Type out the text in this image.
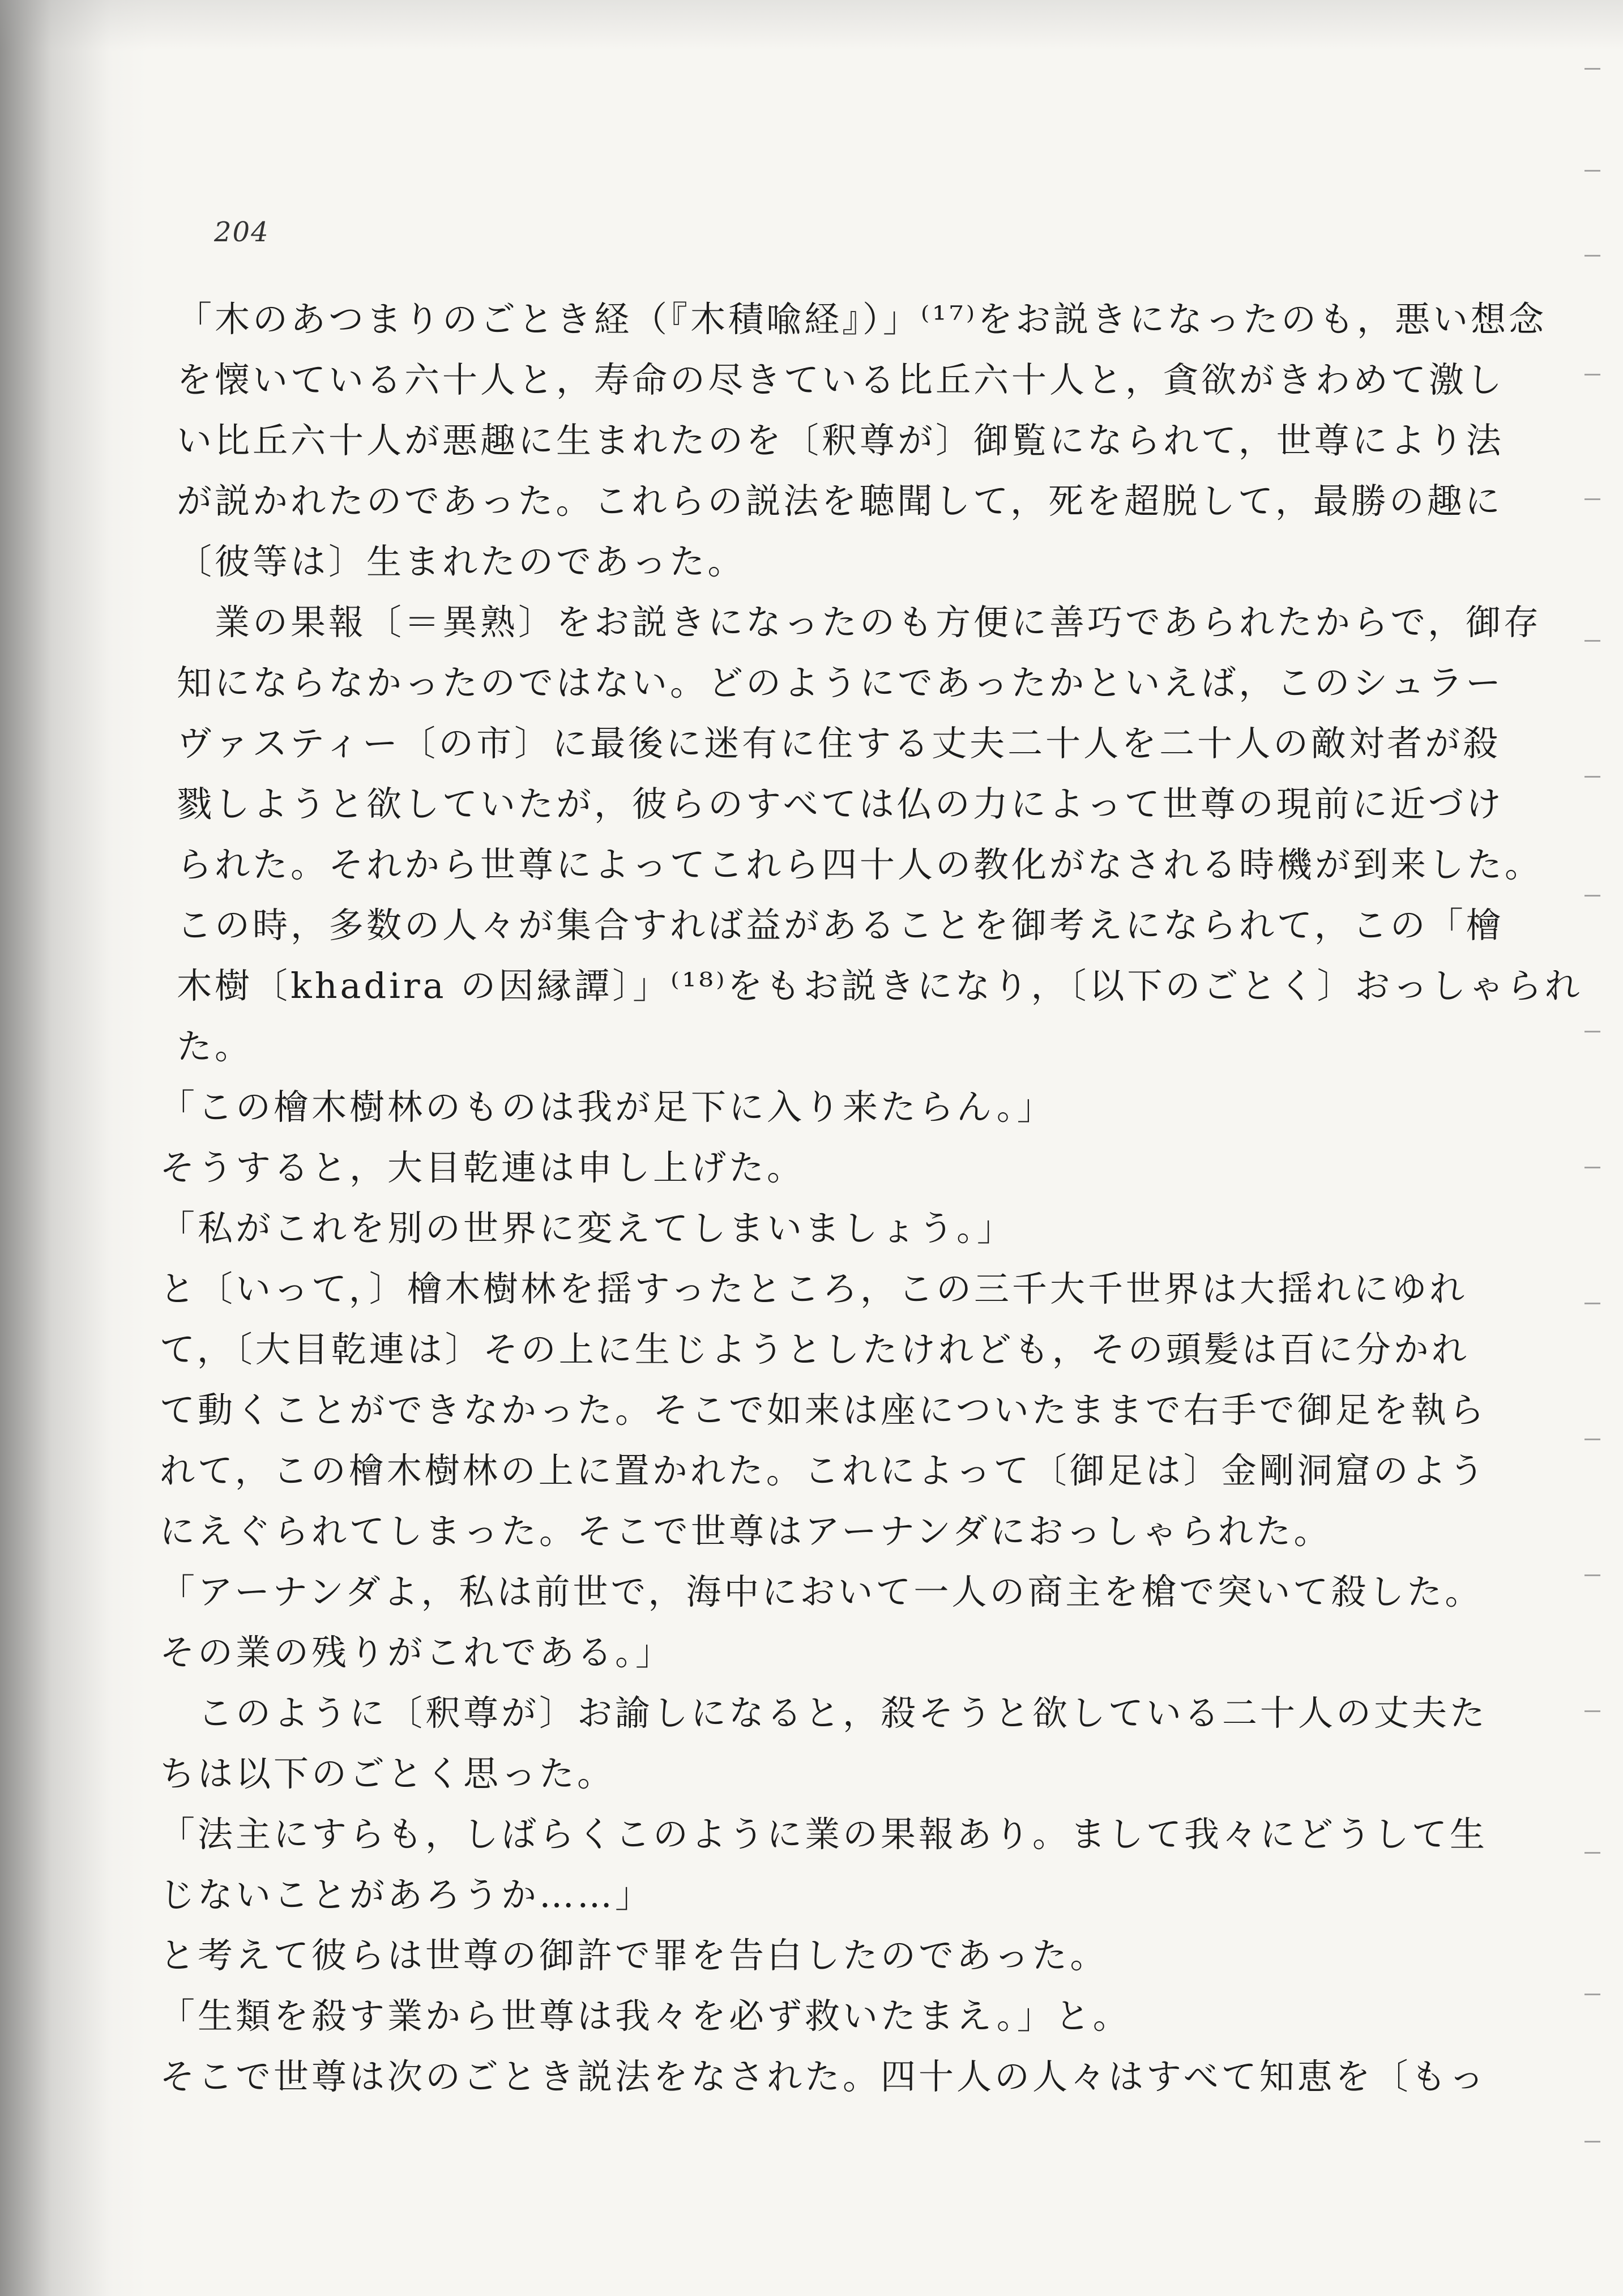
204
「木のあつまりのごとき経（『木積喩経』）」⁽¹⁷⁾をお説きになったのも，悪い想念
を懐いている六十人と，寿命の尽きている比丘六十人と，貪欲がきわめて激し
い比丘六十人が悪趣に生まれたのを〔釈尊が〕御覧になられて，世尊により法
が説かれたのであった。これらの説法を聴聞して，死を超脱して，最勝の趣に
〔彼等は〕生まれたのであった。
　業の果報〔＝異熟〕をお説きになったのも方便に善巧であられたからで，御存
知にならなかったのではない。どのようにであったかといえば，このシュラー
ヴァスティー〔の市〕に最後に迷有に住する丈夫二十人を二十人の敵対者が殺
戮しようと欲していたが，彼らのすべては仏の力によって世尊の現前に近づけ
られた。それから世尊によってこれら四十人の教化がなされる時機が到来した。
この時，多数の人々が集合すれば益があることを御考えになられて，この「檜
木樹〔khadira の因縁譚〕」⁽¹⁸⁾をもお説きになり，〔以下のごとく〕おっしゃられ
た。
「この檜木樹林のものは我が足下に入り来たらん。」
そうすると，大目乾連は申し上げた。
「私がこれを別の世界に変えてしまいましょう。」
と〔いって，〕檜木樹林を揺すったところ，この三千大千世界は大揺れにゆれ
て，〔大目乾連は〕その上に生じようとしたけれども，その頭髪は百に分かれ
て動くことができなかった。そこで如来は座についたままで右手で御足を執ら
れて，この檜木樹林の上に置かれた。これによって〔御足は〕金剛洞窟のよう
にえぐられてしまった。そこで世尊はアーナンダにおっしゃられた。
「アーナンダよ，私は前世で，海中において一人の商主を槍で突いて殺した。
その業の残りがこれである。」
　このように〔釈尊が〕お諭しになると，殺そうと欲している二十人の丈夫た
ちは以下のごとく思った。
「法主にすらも，しばらくこのように業の果報あり。まして我々にどうして生
じないことがあろうか……」
と考えて彼らは世尊の御許で罪を告白したのであった。
「生類を殺す業から世尊は我々を必ず救いたまえ。」と。
そこで世尊は次のごとき説法をなされた。四十人の人々はすべて知恵を〔もっ
